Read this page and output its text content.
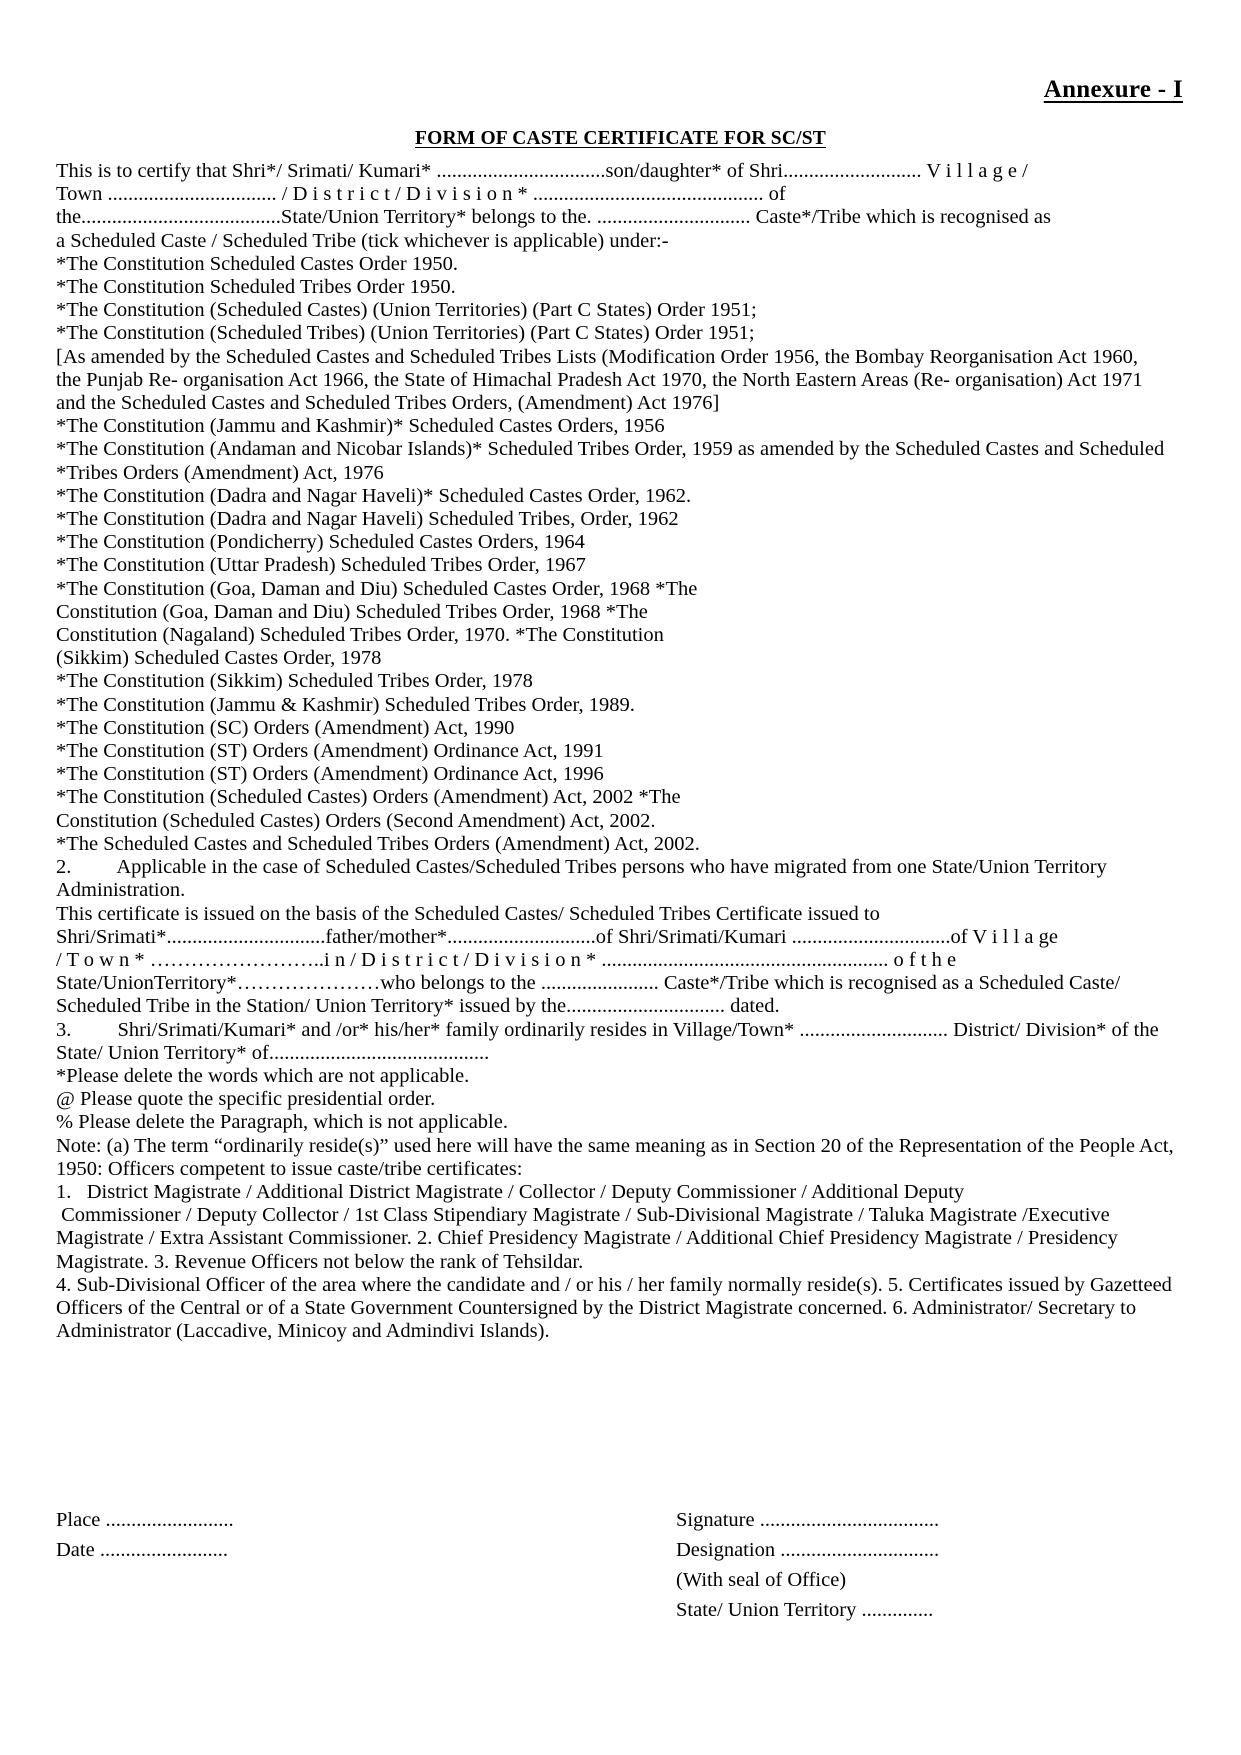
Annexure - I
FORM OF CASTE CERTIFICATE FOR SC/ST

This is to certify that Shri*/ Srimati/ Kumari* .................................son/daughter* of Shri........................... V i l l a g e /

Town ................................. / D i s t r i c t / D i v i s i o n * ............................................. of

the.......................................State/Union Territory* belongs to the. .............................. Caste*/Tribe which is recognised as

a Scheduled Caste / Scheduled Tribe (tick whichever is applicable) under:-

*The Constitution Scheduled Castes Order 1950.

*The Constitution Scheduled Tribes Order 1950.

*The Constitution (Scheduled Castes) (Union Territories) (Part C States) Order 1951;

*The Constitution (Scheduled Tribes) (Union Territories) (Part C States) Order 1951;

[As amended by the Scheduled Castes and Scheduled Tribes Lists (Modification Order 1956, the Bombay Reorganisation Act 1960,

the Punjab Re- organisation Act 1966, the State of Himachal Pradesh Act 1970, the North Eastern Areas (Re- organisation) Act 1971

and the Scheduled Castes and Scheduled Tribes Orders, (Amendment) Act 1976]

*The Constitution (Jammu and Kashmir)* Scheduled Castes Orders, 1956

*The Constitution (Andaman and Nicobar Islands)* Scheduled Tribes Order, 1959 as amended by the Scheduled Castes and Scheduled

*Tribes Orders (Amendment) Act, 1976

*The Constitution (Dadra and Nagar Haveli)* Scheduled Castes Order, 1962.

*The Constitution (Dadra and Nagar Haveli) Scheduled Tribes, Order, 1962

*The Constitution (Pondicherry) Scheduled Castes Orders, 1964

*The Constitution (Uttar Pradesh) Scheduled Tribes Order, 1967

*The Constitution (Goa, Daman and Diu) Scheduled Castes Order, 1968 *The

Constitution (Goa, Daman and Diu) Scheduled Tribes Order, 1968 *The

Constitution (Nagaland) Scheduled Tribes Order, 1970. *The Constitution

(Sikkim) Scheduled Castes Order, 1978

*The Constitution (Sikkim) Scheduled Tribes Order, 1978

*The Constitution (Jammu & Kashmir) Scheduled Tribes Order, 1989.

*The Constitution (SC) Orders (Amendment) Act, 1990

*The Constitution (ST) Orders (Amendment) Ordinance Act, 1991

*The Constitution (ST) Orders (Amendment) Ordinance Act, 1996

*The Constitution (Scheduled Castes) Orders (Amendment) Act, 2002 *The

Constitution (Scheduled Castes) Orders (Second Amendment) Act, 2002.

*The Scheduled Castes and Scheduled Tribes Orders (Amendment) Act, 2002.

2.         Applicable in the case of Scheduled Castes/Scheduled Tribes persons who have migrated from one State/Union Territory

Administration.

This certificate is issued on the basis of the Scheduled Castes/ Scheduled Tribes Certificate issued to

Shri/Srimati*...............................father/mother*.............................of Shri/Srimati/Kumari ...............................of V i l l a ge

/ T o w n * ……………………..i n / D i s t r i c t / D i v i s i o n * ........................................................ o f t h e

State/UnionTerritory*…………………who belongs to the ....................... Caste*/Tribe which is recognised as a Scheduled Caste/

Scheduled Tribe in the Station/ Union Territory* issued by the............................... dated.

3.         Shri/Srimati/Kumari* and /or* his/her* family ordinarily resides in Village/Town* ............................. District/ Division* of the

State/ Union Territory* of...........................................

*Please delete the words which are not applicable.

@ Please quote the specific presidential order.

% Please delete the Paragraph, which is not applicable.

Note: (a) The term “ordinarily reside(s)” used here will have the same meaning as in Section 20 of the Representation of the People Act,

1950: Officers competent to issue caste/tribe certificates:

1.   District Magistrate / Additional District Magistrate / Collector / Deputy Commissioner / Additional Deputy

Commissioner / Deputy Collector / 1st Class Stipendiary Magistrate / Sub-Divisional Magistrate / Taluka Magistrate /Executive

Magistrate / Extra Assistant Commissioner. 2. Chief Presidency Magistrate / Additional Chief Presidency Magistrate / Presidency

Magistrate. 3. Revenue Officers not below the rank of Tehsildar.

4. Sub-Divisional Officer of the area where the candidate and / or his / her family normally reside(s). 5. Certificates issued by Gazetteed

Officers of the Central or of a State Government Countersigned by the District Magistrate concerned. 6. Administrator/ Secretary to

Administrator (Laccadive, Minicoy and Admindivi Islands).

Place .........................

Date .........................

Signature ...................................

Designation ...............................

(With seal of Office)

State/ Union Territory ..............
